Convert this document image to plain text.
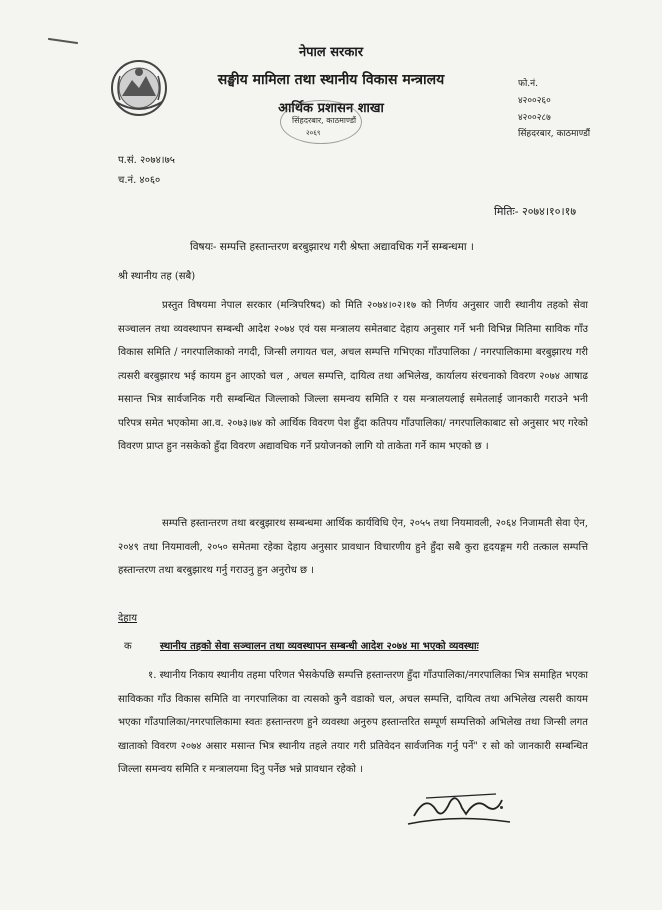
नेपाल सरकार
सङ्घीय मामिला तथा स्थानीय विकास मन्त्रालय
आर्थिक प्रशासन शाखा
सिंहदरबार, काठमाण्डौं
२०६९
फो.नं.
४२००२६०
४२००२८७
सिंहदरबार, काठमाण्डौं
प.सं. २०७४।७५
च.नं. ४०६०
मितिः- २०७४।१०।१७
विषयः- सम्पत्ति हस्तान्तरण बरबुझारथ गरी श्रेष्ता अद्यावधिक गर्ने सम्बन्धमा ।
श्री स्थानीय तह (सबै)
प्रस्तुत विषयमा नेपाल सरकार (मन्त्रिपरिषद) को मिति २०७४।०२।१७ को निर्णय अनुसार जारी स्थानीय तहको सेवा सञ्चालन तथा व्यवस्थापन सम्बन्धी आदेश २०७४ एवं यस मन्त्रालय समेतबाट देहाय अनुसार गर्ने भनी विभिन्न मितिमा साविक गाँउ विकास समिति / नगरपालिकाको नगदी, जिन्सी लगायत चल, अचल सम्पत्ति गभिएका गाँउपालिका / नगरपालिकामा बरबुझारथ गरी त्यसरी बरबुझारथ भई कायम हुन आएको चल , अचल सम्पत्ति, दायित्व तथा अभिलेख, कार्यालय संरचनाको विवरण २०७४ आषाढ मसान्त भित्र सार्वजनिक गरी सम्बन्धित जिल्लाको जिल्ला समन्वय समिति र यस मन्त्रालयलाई समेतलाई जानकारी गराउने भनी परिपत्र समेत भएकोमा आ.व. २०७३।७४ को आर्थिक विवरण पेश हुँदा कतिपय गाँउपालिका/ नगरपालिकाबाट सो अनुसार भए गरेको विवरण प्राप्त हुन नसकेको हुँदा विवरण अद्यावधिक गर्ने प्रयोजनको लागि यो ताकेता गर्ने काम भएको छ ।
सम्पत्ति हस्तान्तरण तथा बरबुझारथ सम्बन्धमा आर्थिक कार्यविधि ऐन, २०५५ तथा नियमावली, २०६४ निजामती सेवा ऐन, २०४९ तथा नियमावली, २०५० समेतमा रहेका देहाय अनुसार प्रावधान विचारणीय हुने हुँदा सबै कुरा हृदयङ्गम गरी तत्काल सम्पत्ति हस्तान्तरण तथा बरबुझारथ गर्नु गराउनु हुन अनुरोध छ ।
देहाय
क	स्थानीय तहको सेवा सञ्चालन तथा व्यवस्थापन सम्बन्धी आदेश २०७४ मा भएको व्यवस्थाः
१. स्थानीय निकाय स्थानीय तहमा परिणत भैसकेपछि सम्पत्ति हस्तान्तरण हुँदा गाँउपालिका/नगरपालिका भित्र समाहित भएका साविकका गाँउ विकास समिति वा नगरपालिका वा त्यसको कुनै वडाको चल, अचल सम्पत्ति, दायित्व तथा अभिलेख त्यसरी कायम भएका गाँउपालिका/नगरपालिकामा स्वतः हस्तान्तरण हुने व्यवस्था अनुरुप हस्तान्तरित सम्पूर्ण सम्पत्तिको अभिलेख तथा जिन्सी लगत खाताको विवरण २०७४ असार मसान्त भित्र स्थानीय तहले तयार गरी प्रतिवेदन सार्वजनिक गर्नु पर्ने" र सो को जानकारी सम्बन्धित जिल्ला समन्वय समिति र मन्त्रालयमा दिनु पर्नेछ भन्ने प्रावधान रहेको ।
